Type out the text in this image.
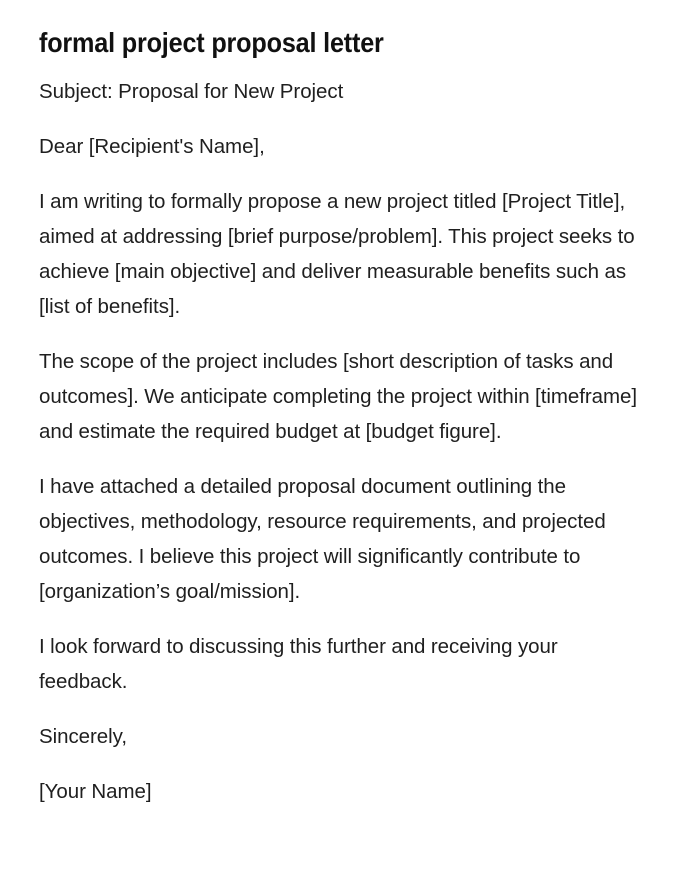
formal project proposal letter

Subject: Proposal for New Project

Dear [Recipient's Name],

I am writing to formally propose a new project titled [Project Title], aimed at addressing [brief purpose/problem]. This project seeks to achieve [main objective] and deliver measurable benefits such as [list of benefits].

The scope of the project includes [short description of tasks and outcomes]. We anticipate completing the project within [timeframe] and estimate the required budget at [budget figure].

I have attached a detailed proposal document outlining the objectives, methodology, resource requirements, and projected outcomes. I believe this project will significantly contribute to [organization’s goal/mission].

I look forward to discussing this further and receiving your feedback.

Sincerely,

[Your Name]
